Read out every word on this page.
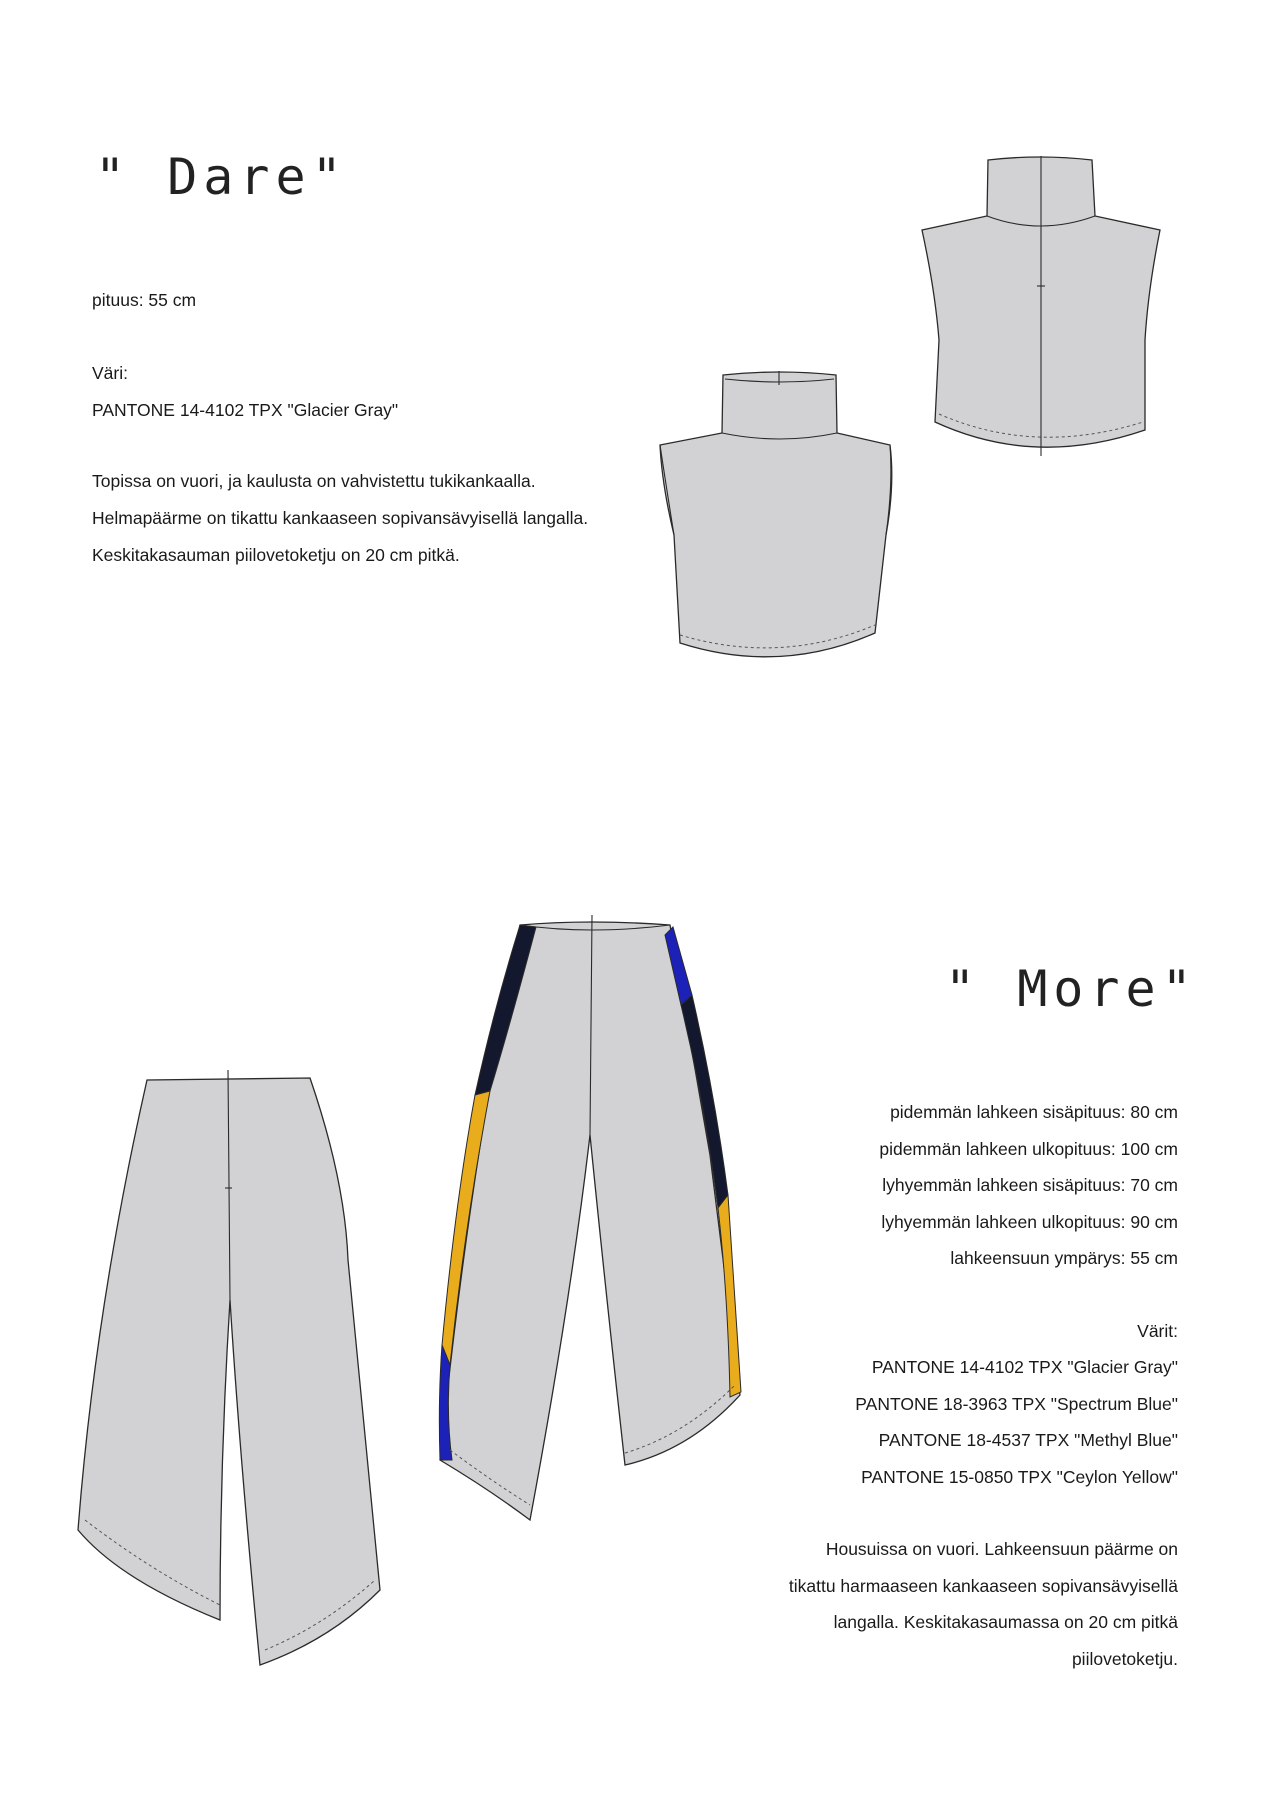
" Dare"
pituus: 55 cm
Väri:
PANTONE 14-4102 TPX "Glacier Gray"
Topissa on vuori, ja kaulusta on vahvistettu tukikankaalla.
Helmapäärme on tikattu kankaaseen sopivansävyisellä langalla.
Keskitakasauman piilovetoketju on 20 cm pitkä.
" More"
pidemmän lahkeen sisäpituus: 80 cm
pidemmän lahkeen ulkopituus: 100 cm
lyhyemmän lahkeen sisäpituus: 70 cm
lyhyemmän lahkeen ulkopituus: 90 cm
lahkeensuun ympärys: 55 cm
Värit:
PANTONE 14-4102 TPX "Glacier Gray"
PANTONE 18-3963 TPX "Spectrum Blue"
PANTONE 18-4537 TPX "Methyl Blue"
PANTONE 15-0850 TPX "Ceylon Yellow"
Housuissa on vuori. Lahkeensuun päärme on
tikattu harmaaseen kankaaseen sopivansävyisellä
langalla. Keskitakasaumassa on 20 cm pitkä
piilovetoketju.
